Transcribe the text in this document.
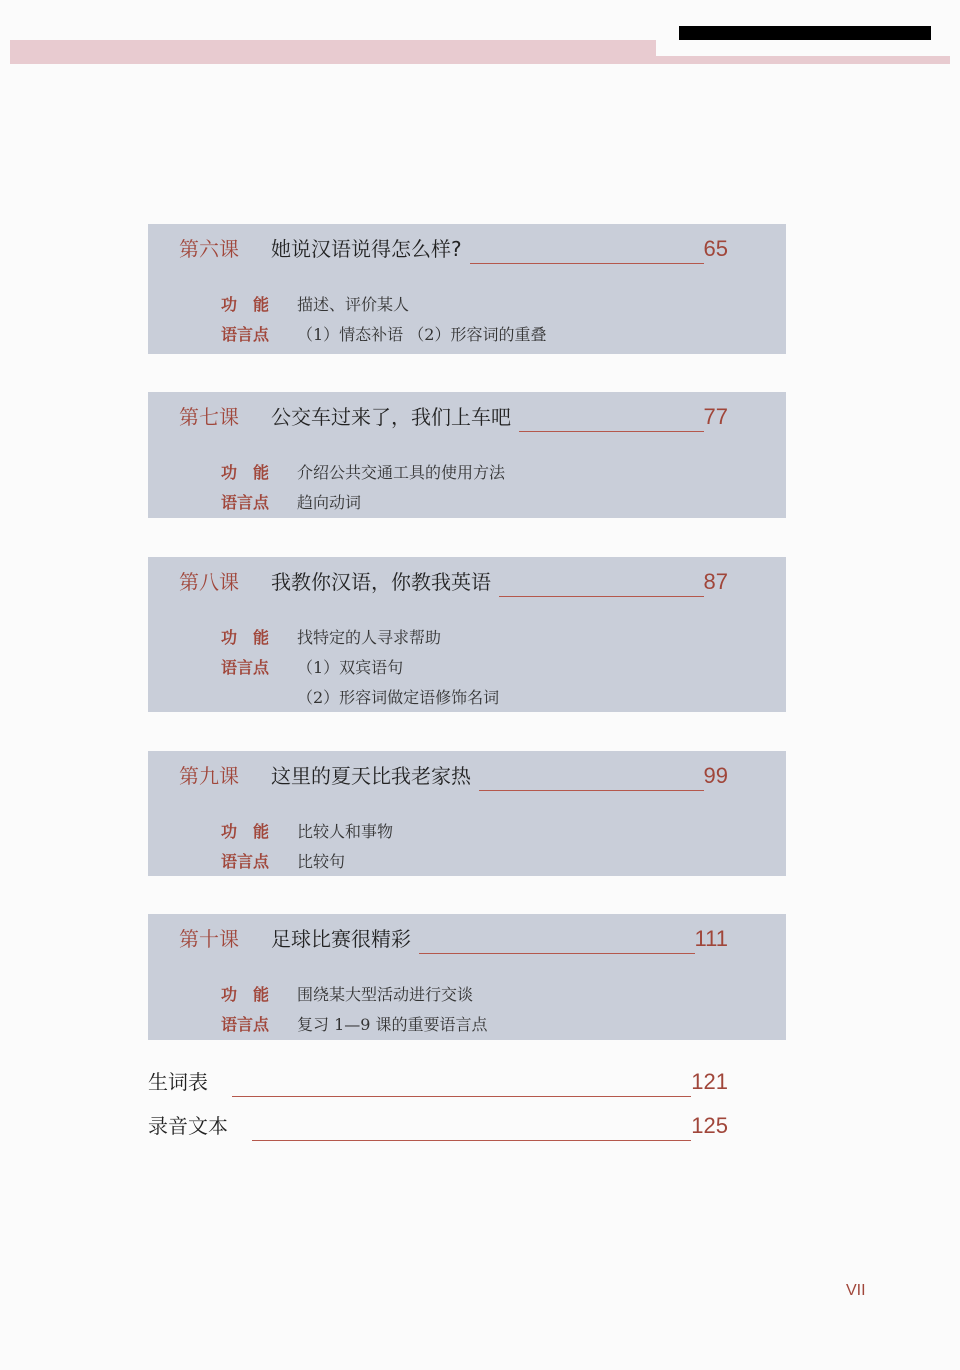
第六课 她说汉语说得怎么样?	65
功　能	描述、评价某人
语言点	（1）情态补语 （2）形容词的重叠
第七课 公交车过来了，我们上车吧	77
功　能	介绍公共交通工具的使用方法
语言点	趋向动词
第八课 我教你汉语，你教我英语	87
功　能	找特定的人寻求帮助
语言点	（1）双宾语句
（2）形容词做定语修饰名词
第九课 这里的夏天比我老家热	99
功　能	比较人和事物
语言点	比较句
第十课 足球比赛很精彩	111
功　能	围绕某大型活动进行交谈
语言点	复习 1—9 课的重要语言点
生词表	121
录音文本	125
VII
